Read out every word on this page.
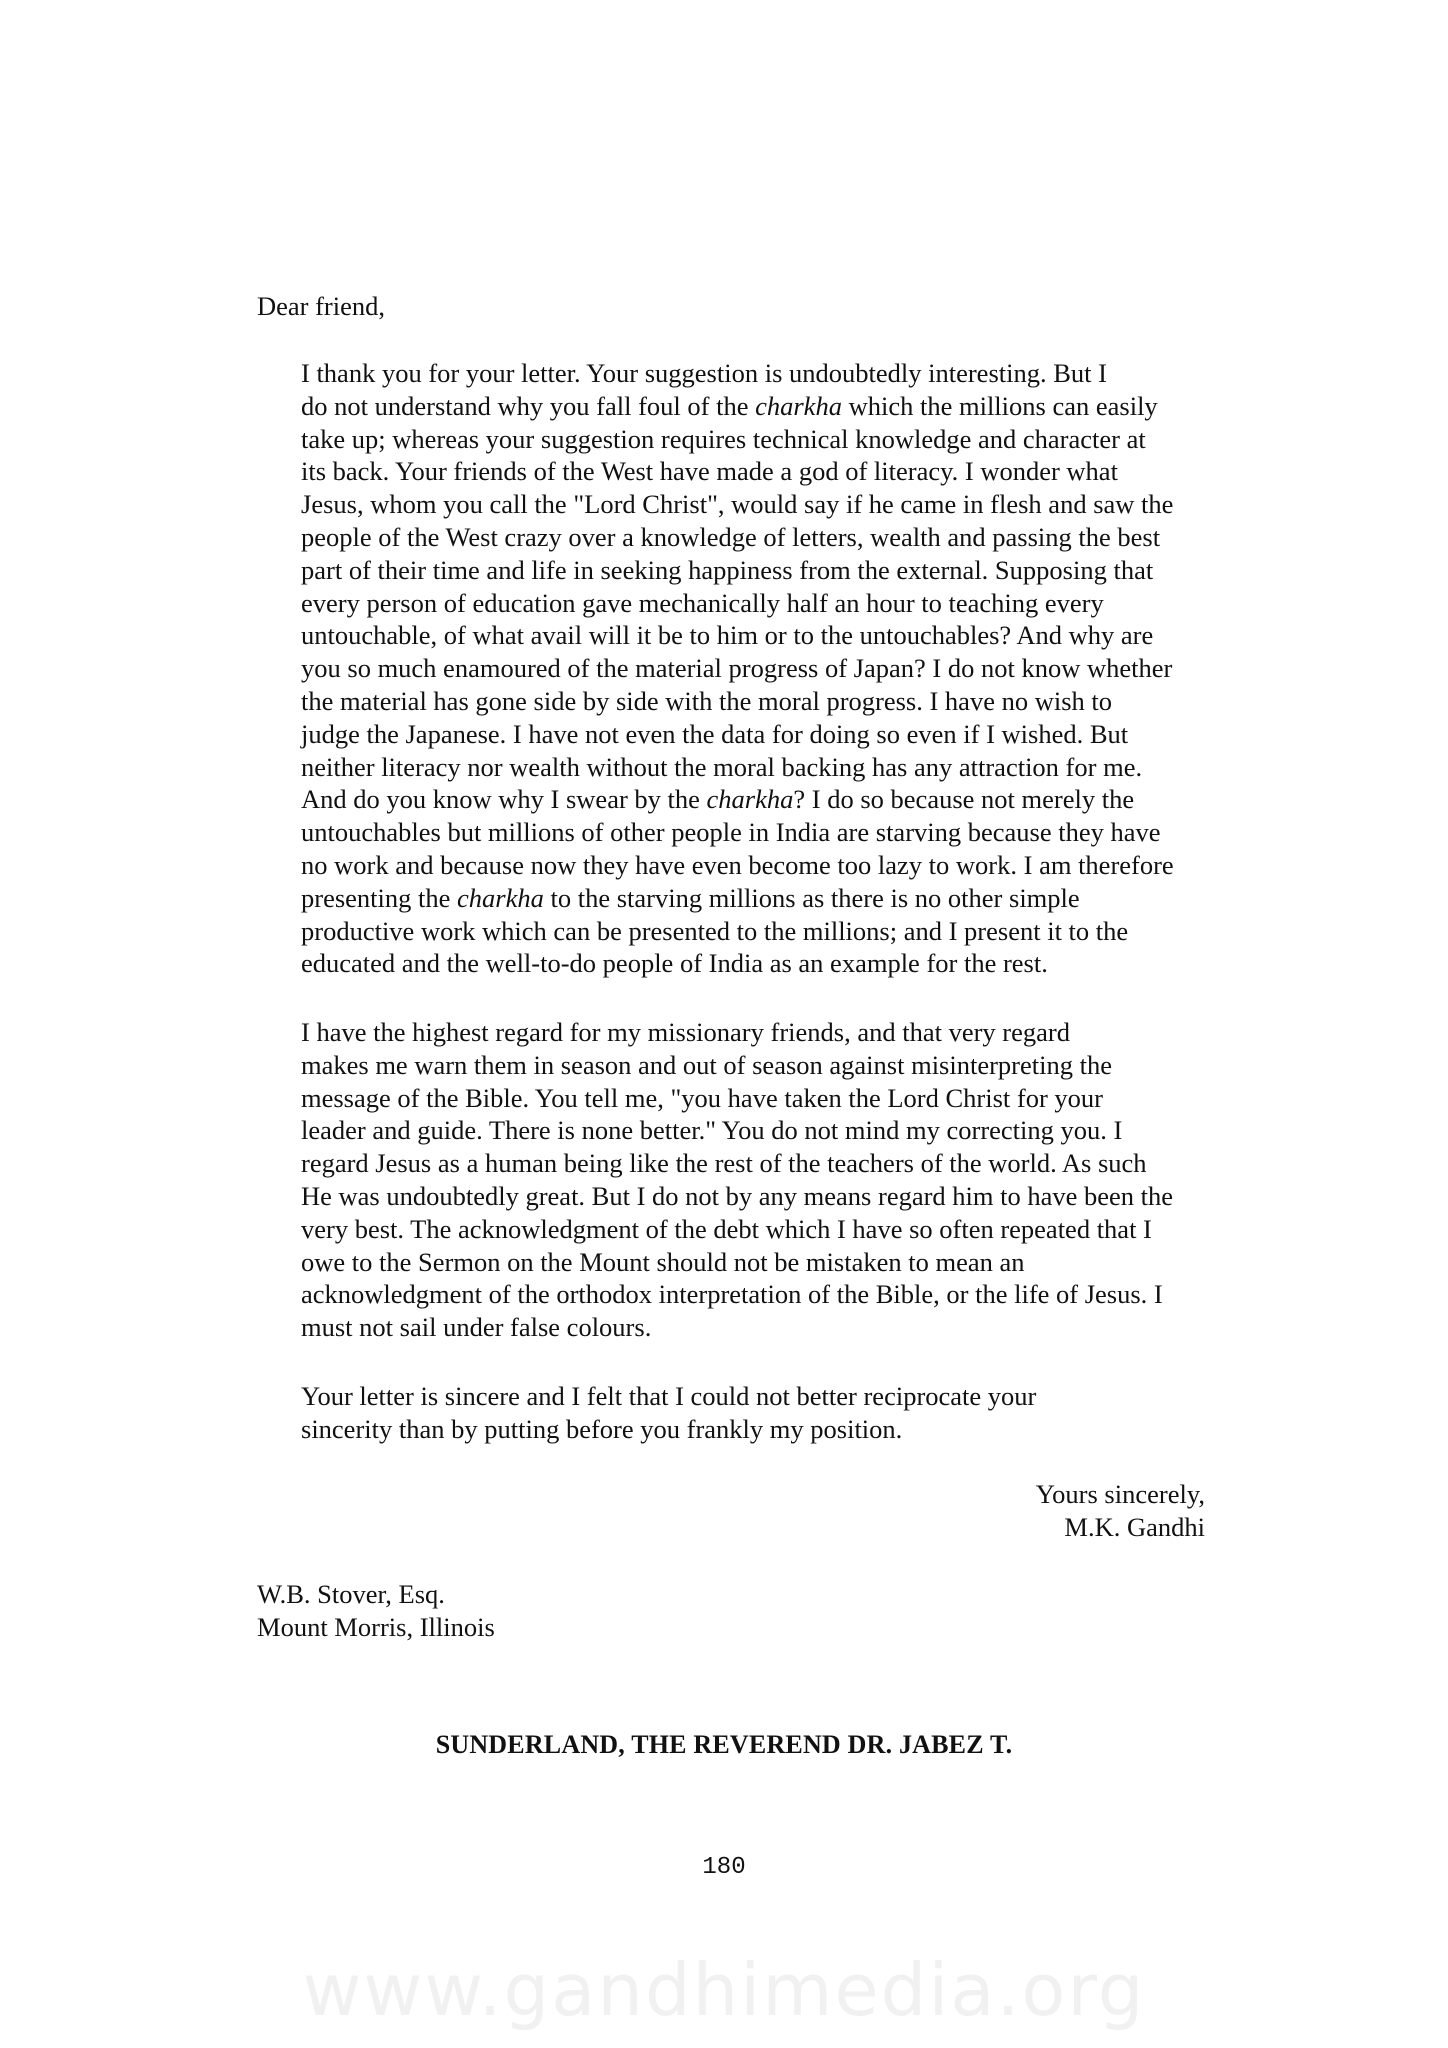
Dear friend,

I thank you for your letter. Your suggestion is undoubtedly interesting. But I
do not understand why you fall foul of the charkha which the millions can easily
take up; whereas your suggestion requires technical knowledge and character at
its back. Your friends of the West have made a god of literacy. I wonder what
Jesus, whom you call the "Lord Christ", would say if he came in flesh and saw the
people of the West crazy over a knowledge of letters, wealth and passing the best
part of their time and life in seeking happiness from the external. Supposing that
every person of education gave mechanically half an hour to teaching every
untouchable, of what avail will it be to him or to the untouchables? And why are
you so much enamoured of the material progress of Japan? I do not know whether
the material has gone side by side with the moral progress. I have no wish to
judge the Japanese. I have not even the data for doing so even if I wished. But
neither literacy nor wealth without the moral backing has any attraction for me.
And do you know why I swear by the charkha? I do so because not merely the
untouchables but millions of other people in India are starving because they have
no work and because now they have even become too lazy to work. I am therefore
presenting the charkha to the starving millions as there is no other simple
productive work which can be presented to the millions; and I present it to the
educated and the well-to-do people of India as an example for the rest.

I have the highest regard for my missionary friends, and that very regard
makes me warn them in season and out of season against misinterpreting the
message of the Bible. You tell me, "you have taken the Lord Christ for your
leader and guide. There is none better." You do not mind my correcting you. I
regard Jesus as a human being like the rest of the teachers of the world. As such
He was undoubtedly great. But I do not by any means regard him to have been the
very best. The acknowledgment of the debt which I have so often repeated that I
owe to the Sermon on the Mount should not be mistaken to mean an
acknowledgment of the orthodox interpretation of the Bible, or the life of Jesus. I
must not sail under false colours.

Your letter is sincere and I felt that I could not better reciprocate your
sincerity than by putting before you frankly my position.

Yours sincerely,
M.K. Gandhi
W.B. Stover, Esq.
Mount Morris, Illinois
SUNDERLAND, THE REVEREND DR. JABEZ T.
180
www.gandhimedia.org
